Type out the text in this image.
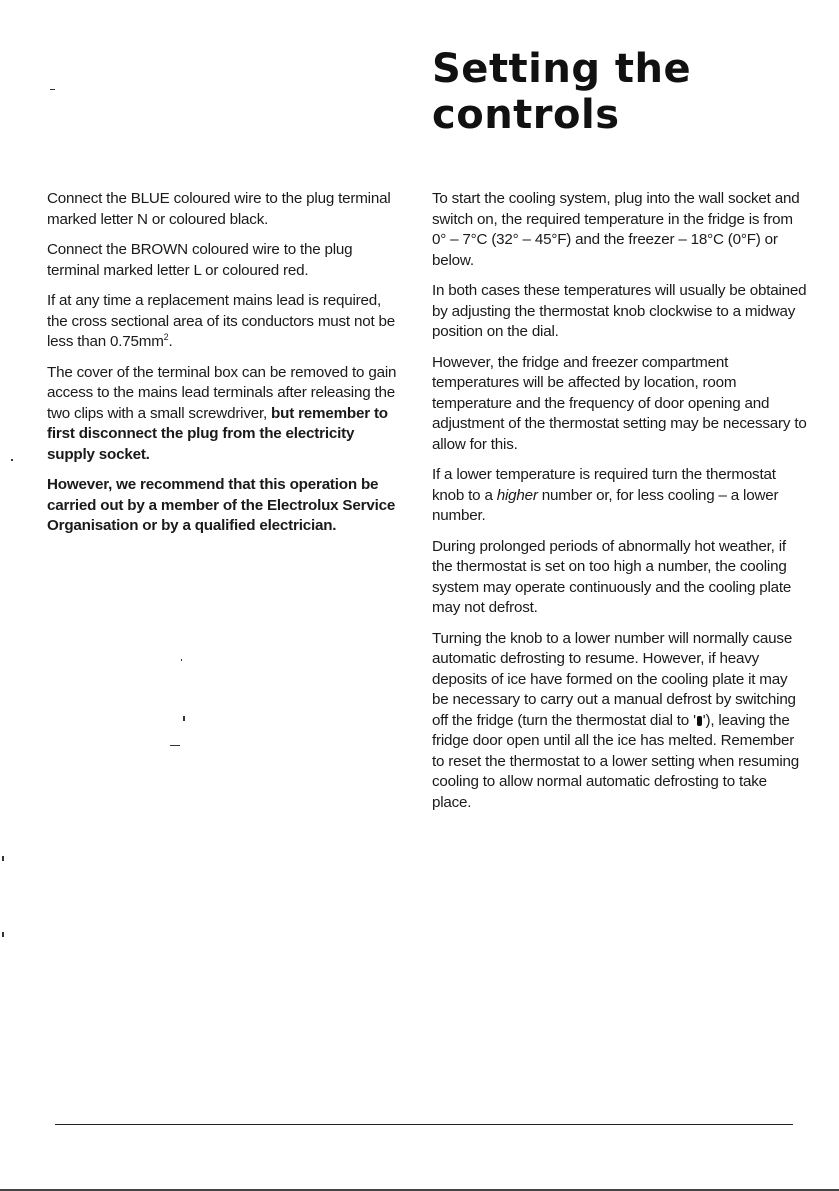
Setting the controls

Connect the BLUE coloured wire to the plug terminal marked letter N or coloured black.

Connect the BROWN coloured wire to the plug terminal marked letter L or coloured red.

If at any time a replacement mains lead is required, the cross sectional area of its conductors must not be less than $0.75mm^2$.

The cover of the terminal box can be removed to gain access to the mains lead terminals after releasing the two clips with a small screwdriver, but remember to first disconnect the plug from the electricity supply socket.

However, we recommend that this operation be carried out by a member of the Electrolux Service Organisation or by a qualified electrician.

To start the cooling system, plug into the wall socket and switch on, the required temperature in the fridge is from 0° – 7°C (32° – 45°F) and the freezer – 18°C (0°F) or below.

In both cases these temperatures will usually be obtained by adjusting the thermostat knob clockwise to a midway position on the dial.

However, the fridge and freezer compartment temperatures will be affected by location, room temperature and the frequency of door opening and adjustment of the thermostat setting may be necessary to allow for this.

If a lower temperature is required turn the thermostat knob to a higher number or, for less cooling – a lower number.

During prolonged periods of abnormally hot weather, if the thermostat is set on too high a number, the cooling system may operate continuously and the cooling plate may not defrost.

Turning the knob to a lower number will normally cause automatic defrosting to resume. However, if heavy deposits of ice have formed on the cooling plate it may be necessary to carry out a manual defrost by switching off the fridge (turn the thermostat dial to ' '), leaving the fridge door open until all the ice has melted. Remember to reset the thermostat to a lower setting when resuming cooling to allow normal automatic defrosting to take place.
